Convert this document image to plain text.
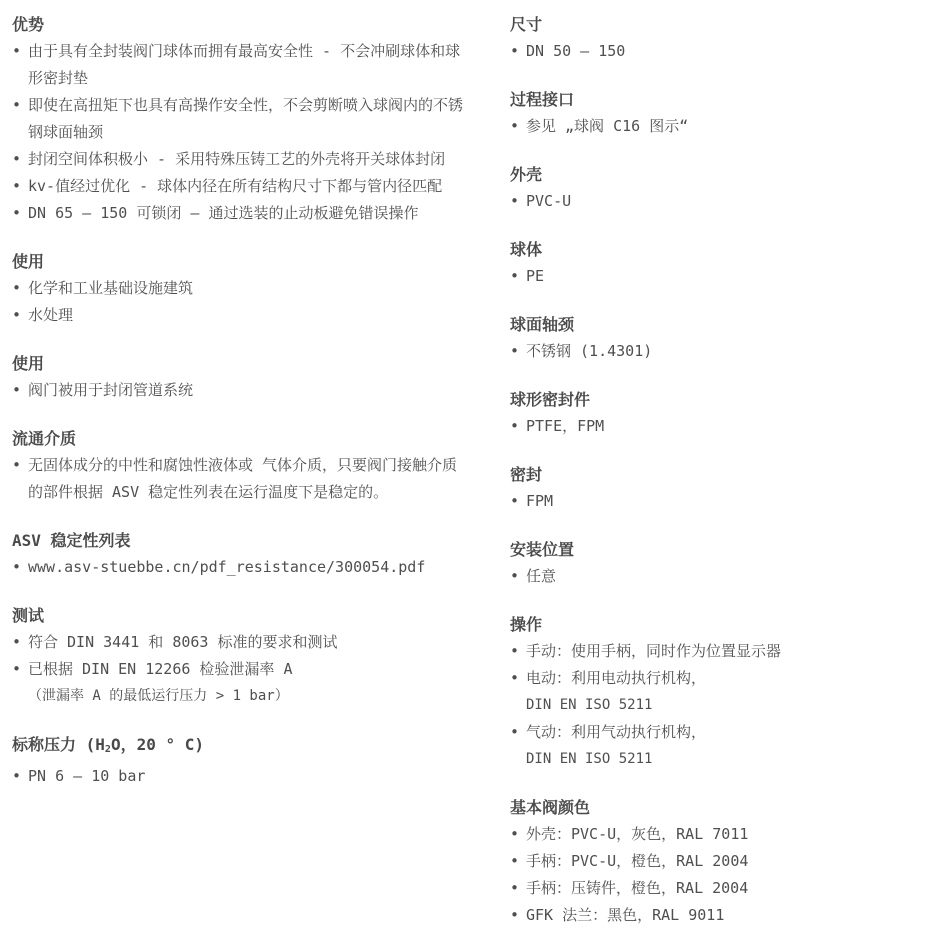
优势
• 由于具有全封装阀门球体而拥有最高安全性 - 不会冲刷球体和球形密封垫
• 即使在高扭矩下也具有高操作安全性，不会剪断喷入球阀内的不锈钢球面轴颈
• 封闭空间体积极小 - 采用特殊压铸工艺的外壳将开关球体封闭
• kv-值经过优化 - 球体内径在所有结构尺寸下都与管内径匹配
• DN 65 – 150 可锁闭 – 通过选装的止动板避免错误操作
使用
• 化学和工业基础设施建筑
• 水处理
使用
• 阀门被用于封闭管道系统
流通介质
• 无固体成分的中性和腐蚀性液体或 气体介质，只要阀门接触介质的部件根据 ASV 稳定性列表在运行温度下是稳定的。
ASV 稳定性列表
• www.asv-stuebbe.cn/pdf_resistance/300054.pdf
测试
• 符合 DIN 3441 和 8063 标准的要求和测试
• 已根据 DIN EN 12266 检验泄漏率 A
（泄漏率 A 的最低运行压力 > 1 bar）
标称压力 ($H_2O$，20 ° C)
• PN 6 – 10 bar
尺寸
• DN 50 – 150
过程接口
• 参见 „球阀 C16 图示“
外壳
• PVC-U
球体
• PE
球面轴颈
• 不锈钢 (1.4301)
球形密封件
• PTFE，FPM
密封
• FPM
安装位置
• 任意
操作
• 手动：使用手柄，同时作为位置显示器
• 电动：利用电动执行机构，
DIN EN ISO 5211
• 气动：利用气动执行机构，
DIN EN ISO 5211
基本阀颜色
• 外壳：PVC-U，灰色，RAL 7011
• 手柄：PVC-U，橙色，RAL 2004
• 手柄：压铸件，橙色，RAL 2004
• GFK 法兰：黑色，RAL 9011
